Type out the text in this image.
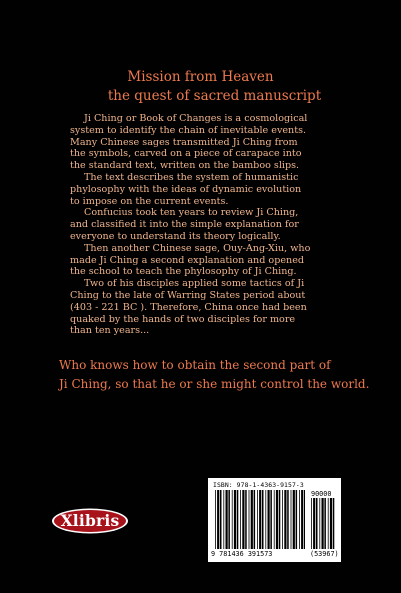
Mission from Heaven
the quest of sacred manuscript
Ji Ching or Book of Changes is a cosmological
system to identify the chain of inevitable events.
Many Chinese sages transmitted Ji Ching from
the symbols, carved on a piece of carapace into
the standard text, written on the bamboo slips.
The text describes the system of humanistic
phylosophy with the ideas of dynamic evolution
to impose on the current events.
Confucius took ten years to review Ji Ching,
and classified it into the simple explanation for
everyone to understand its theory logically.
Then another Chinese sage, Ouy-Ang-Xiu, who
made Ji Ching a second explanation and opened
the school to teach the phylosophy of Ji Ching.
Two of his disciples applied some tactics of Ji
Ching to the late of Warring States period about
(403 - 221 BC ). Therefore, China once had been
quaked by the hands of two disciples for more
than ten years...
Who knows how to obtain the second part of
Ji Ching, so that he or she might control the world.
Xlibris
ISBN: 978-1-4363-9157-3
9 781436 391573
90000
(53967)
